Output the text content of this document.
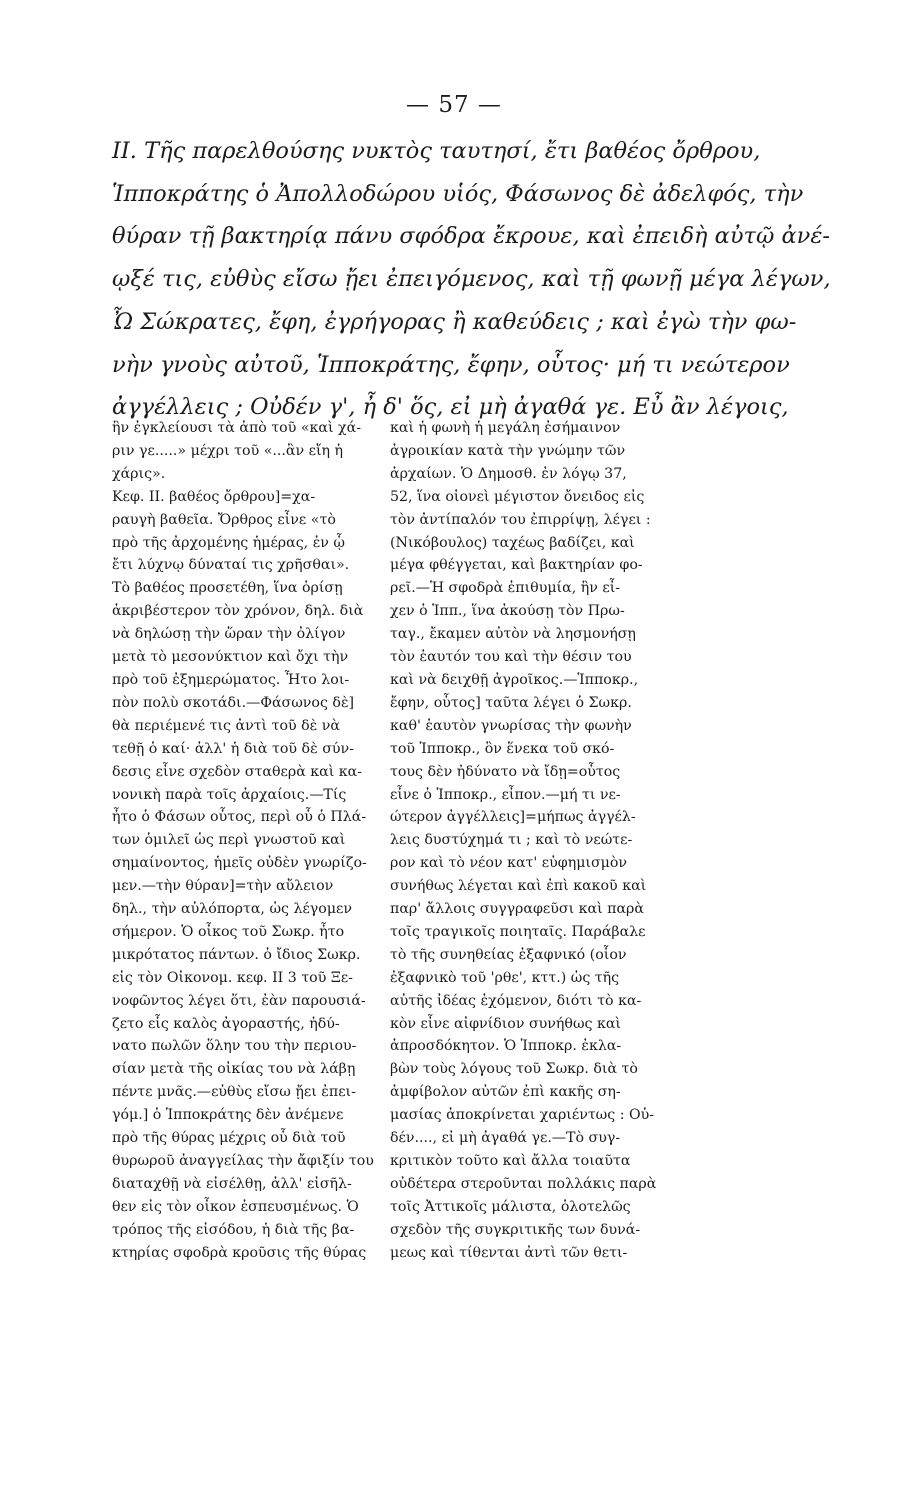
— 57 —
II. Τῆς παρελθούσης νυκτὸς ταυτησί, ἔτι βαθέος ὄρθρου,
Ἱπποκράτης ὁ Ἀπολλοδώρου υἱός, Φάσωνος δὲ ἀδελφός, τὴν
θύραν τῇ βακτηρίᾳ πάνυ σφόδρα ἔκρουε, καὶ ἐπειδὴ αὐτῷ ἀνέ-
ῳξέ τις, εὐθὺς εἴσω ᾔει ἐπειγόμενος, καὶ τῇ φωνῇ μέγα λέγων,
Ὦ Σώκρατες, ἔφη, ἐγρήγορας ἢ καθεύδεις ; καὶ ἐγὼ τὴν φω-
νὴν γνοὺς αὐτοῦ, Ἱπποκράτης, ἔφην, οὗτος· μή τι νεώτερον
ἀγγέλλεις ; Οὐδέν γ', ἦ δ' ὅς, εἰ μὴ ἀγαθά γε. Εὖ ἂν λέγοις,
ἣν ἐγκλείουσι τὰ ἀπὸ τοῦ «καὶ χά-
ριν γε.....» μέχρι τοῦ «...ἂν εἴη ἡ
χάρις».
Κεφ. ΙΙ. βαθέος ὄρθρου]=χα-
ραυγὴ βαθεῖα. Ὄρθρος εἶνε «τὸ
πρὸ τῆς ἀρχομένης ἡμέρας, ἐν ᾧ
ἔτι λύχνῳ δύναταί τις χρῆσθαι».
Τὸ βαθέος προσετέθη, ἵνα ὁρίσῃ
ἀκριβέστερον τὸν χρόνον, δηλ. διὰ
νὰ δηλώσῃ τὴν ὥραν τὴν ὀλίγον
μετὰ τὸ μεσονύκτιον καὶ ὄχι τὴν
πρὸ τοῦ ἐξημερώματος. Ἦτο λοι-
πὸν πολὺ σκοτάδι.—Φάσωνος δὲ]
θὰ περιέμενέ τις ἀντὶ τοῦ δὲ νὰ
τεθῇ ὁ καί· ἀλλ' ἡ διὰ τοῦ δὲ σύν-
δεσις εἶνε σχεδὸν σταθερὰ καὶ κα-
νονικὴ παρὰ τοῖς ἀρχαίοις.—Τίς
ἦτο ὁ Φάσων οὗτος, περὶ οὗ ὁ Πλά-
των ὁμιλεῖ ὡς περὶ γνωστοῦ καὶ
σημαίνοντος, ἡμεῖς οὐδὲν γνωρίζο-
μεν.—τὴν θύραν]=τὴν αὔλειον
δηλ., τὴν αὐλόπορτα, ὡς λέγομεν
σήμερον. Ὁ οἶκος τοῦ Σωκρ. ἦτο
μικρότατος πάντων. ὁ ἴδιος Σωκρ.
εἰς τὸν Οἰκονομ. κεφ. ΙΙ 3 τοῦ Ξε-
νοφῶντος λέγει ὅτι, ἐὰν παρουσιά-
ζετο εἷς καλὸς ἀγοραστής, ἠδύ-
νατο πωλῶν ὅλην του τὴν περιου-
σίαν μετὰ τῆς οἰκίας του νὰ λάβῃ
πέντε μνᾶς.—εὐθὺς εἴσω ᾔει ἐπει-
γόμ.] ὁ Ἱπποκράτης δὲν ἀνέμενε
πρὸ τῆς θύρας μέχρις οὗ διὰ τοῦ
θυρωροῦ ἀναγγείλας τὴν ἄφιξίν του
διαταχθῇ νὰ εἰσέλθῃ, ἀλλ' εἰσῆλ-
θεν εἰς τὸν οἶκον ἐσπευσμένως. Ὁ
τρόπος τῆς εἰσόδου, ἡ διὰ τῆς βα-
κτηρίας σφοδρὰ κροῦσις τῆς θύρας
καὶ ἡ φωνὴ ἡ μεγάλη ἐσήμαινον
ἀγροικίαν κατὰ τὴν γνώμην τῶν
ἀρχαίων. Ὁ Δημοσθ. ἐν λόγῳ 37,
52, ἵνα οἱονεὶ μέγιστον ὄνειδος εἰς
τὸν ἀντίπαλόν του ἐπιρρίψῃ, λέγει :
(Νικόβουλος) ταχέως βαδίζει, καὶ
μέγα φθέγγεται, καὶ βακτηρίαν φο-
ρεῖ.—Ἡ σφοδρὰ ἐπιθυμία, ἣν εἶ-
χεν ὁ Ἱππ., ἵνα ἀκούσῃ τὸν Πρω-
ταγ., ἔκαμεν αὐτὸν νὰ λησμονήσῃ
τὸν ἑαυτόν του καὶ τὴν θέσιν του
καὶ νὰ δειχθῇ ἀγροῖκος.—Ἱπποκρ.,
ἔφην, οὗτος] ταῦτα λέγει ὁ Σωκρ.
καθ' ἑαυτὸν γνωρίσας τὴν φωνὴν
τοῦ Ἱπποκρ., ὃν ἕνεκα τοῦ σκό-
τους δὲν ἠδύνατο νὰ ἴδῃ=οὗτος
εἶνε ὁ Ἱπποκρ., εἶπον.—μή τι νε-
ώτερον ἀγγέλλεις]=μήπως ἀγγέλ-
λεις δυστύχημά τι ; καὶ τὸ νεώτε-
ρον καὶ τὸ νέον κατ' εὐφημισμὸν
συνήθως λέγεται καὶ ἐπὶ κακοῦ καὶ
παρ' ἄλλοις συγγραφεῦσι καὶ παρὰ
τοῖς τραγικοῖς ποιηταῖς. Παράβαλε
τὸ τῆς συνηθείας ἐξαφνικό (οἷον
ἐξαφνικὸ τοῦ 'ρθε', κττ.) ὡς τῆς
αὐτῆς ἰδέας ἐχόμενον, διότι τὸ κα-
κὸν εἶνε αἰφνίδιον συνήθως καὶ
ἀπροσδόκητον. Ὁ Ἱπποκρ. ἐκλα-
βὼν τοὺς λόγους τοῦ Σωκρ. διὰ τὸ
ἀμφίβολον αὐτῶν ἐπὶ κακῆς ση-
μασίας ἀποκρίνεται χαριέντως : Οὐ-
δέν...., εἰ μὴ ἀγαθά γε.—Τὸ συγ-
κριτικὸν τοῦτο καὶ ἄλλα τοιαῦτα
οὐδέτερα στεροῦνται πολλάκις παρὰ
τοῖς Ἀττικοῖς μάλιστα, ὁλοτελῶς
σχεδὸν τῆς συγκριτικῆς των δυνά-
μεως καὶ τίθενται ἀντὶ τῶν θετι-
